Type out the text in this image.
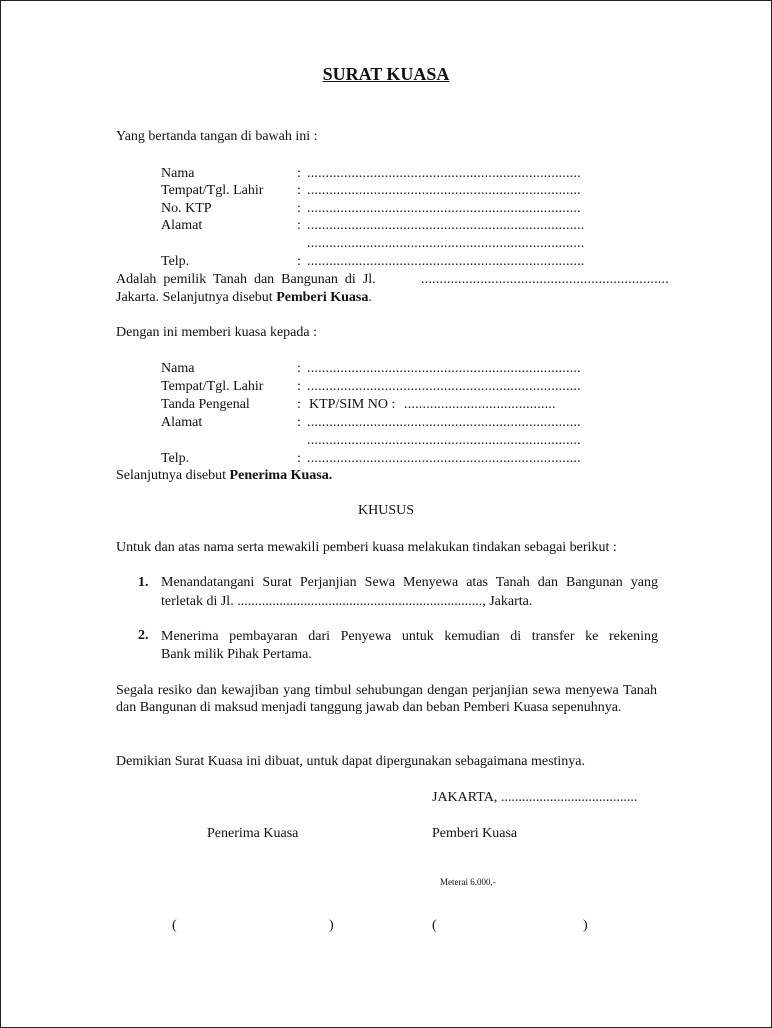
SURAT KUASA
Yang bertanda tangan di bawah ini :
Nama	: ..........................................................................
Tempat/Tgl. Lahir : ..........................................................................
No. KTP	: ..........................................................................
Alamat	: ...........................................................................
...........................................................................
Telp.	: ...........................................................................
Adalah  pemilik  Tanah  dan  Bangunan  di  Jl.	...................................................................
Jakarta. Selanjutnya disebut Pemberi Kuasa.
Dengan ini memberi kuasa kepada :
Nama	: ..........................................................................
Tempat/Tgl. Lahir : ..........................................................................
Tanda Pengenal	: KTP/SIM NO : .........................................
Alamat	: ..........................................................................
..........................................................................
Telp.	: ..........................................................................
Selanjutnya disebut Penerima Kuasa.
KHUSUS
Untuk dan atas nama serta mewakili pemberi kuasa melakukan tindakan sebagai berikut :
1. Menandatangani Surat Perjanjian Sewa Menyewa atas Tanah dan Bangunan yang
terletak di Jl. ......................................................................, Jakarta.
2. Menerima pembayaran dari Penyewa untuk kemudian di transfer ke rekening
Bank milik Pihak Pertama.
Segala resiko dan kewajiban yang timbul sehubungan dengan perjanjian sewa menyewa Tanah dan Bangunan di maksud menjadi tanggung jawab dan beban Pemberi Kuasa sepenuhnya.
Demikian Surat Kuasa ini dibuat, untuk dapat dipergunakan sebagaimana mestinya.
JAKARTA, .......................................
Penerima Kuasa	Pemberi Kuasa
Meterai 6.000,-
(	)	(	)
